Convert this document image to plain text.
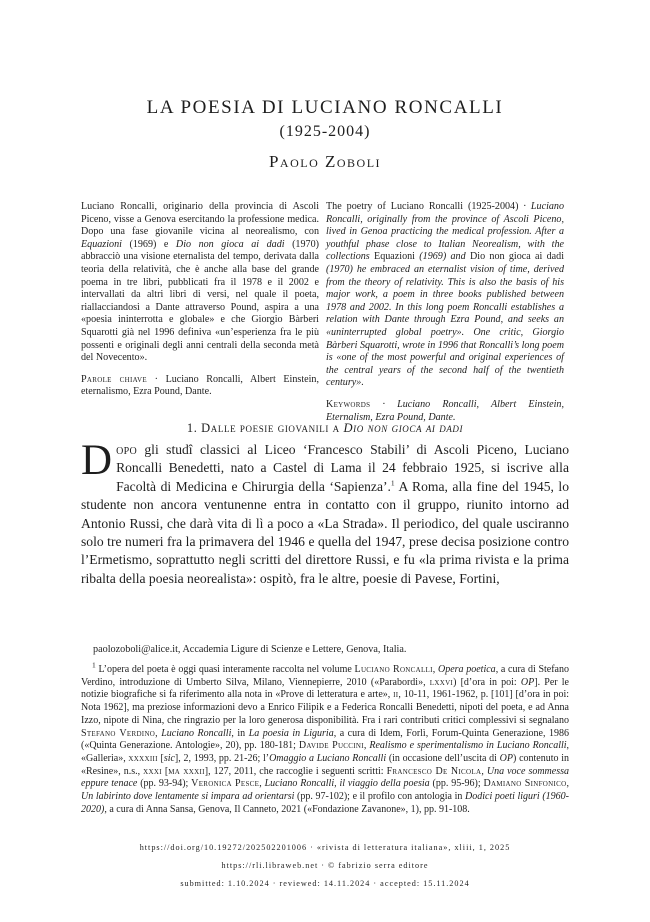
LA POESIA DI LUCIANO RONCALLI
(1925-2004)
Paolo Zoboli

Luciano Roncalli, originario della provincia di Ascoli Piceno, visse a Genova esercitando la professione medica. Dopo una fase giovanile vicina al neorealismo, con Equazioni (1969) e Dio non gioca ai dadi (1970) abbracciò una visione eternalista del tempo, derivata dalla teoria della relatività, che è anche alla base del grande poema in tre libri, pubblicati fra il 1978 e il 2002 e intervallati da altri libri di versi, nel quale il poeta, riallacciandosi a Dante attraverso Pound, aspira a una «poesia ininterrotta e globale» e che Giorgio Bàrberi Squarotti già nel 1996 definiva «un’esperienza fra le più possenti e originali degli anni centrali della seconda metà del Novecento».

Parole chiave · Luciano Roncalli, Albert Einstein, eternalismo, Ezra Pound, Dante.

The poetry of Luciano Roncalli (1925-2004) · Luciano Roncalli, originally from the province of Ascoli Piceno, lived in Genoa practicing the medical profession. After a youthful phase close to Italian Neorealism, with the collections Equazioni (1969) and Dio non gioca ai dadi (1970) he embraced an eternalist vision of time, derived from the theory of relativity. This is also the basis of his major work, a poem in three books published between 1978 and 2002. In this long poem Roncalli establishes a relation with Dante through Ezra Pound, and seeks an «uninterrupted global poetry». One critic, Giorgio Bàrberi Squarotti, wrote in 1996 that Roncalli’s long poem is «one of the most powerful and original experiences of the central years of the second half of the twentieth century».

Keywords · Luciano Roncalli, Albert Einstein, Eternalism, Ezra Pound, Dante.

1. Dalle poesie giovanili a Dio non gioca ai dadi
Dopo gli studî classici al Liceo ‘Francesco Stabili’ di Ascoli Piceno, Luciano Roncalli Benedetti, nato a Castel di Lama il 24 febbraio 1925, si iscrive alla Facoltà di Medicina e Chirurgia della ‘Sapienza’.$^1$ A Roma, alla fine del 1945, lo studente non ancora ventunenne entra in contatto con il gruppo, riunito intorno ad Antonio Russi, che darà vita di lì a poco a «La Strada». Il periodico, del quale usciranno solo tre numeri fra la primavera del 1946 e quella del 1947, prese decisa posizione contro l’Ermetismo, soprattutto negli scritti del direttore Russi, e fu «la prima rivista e la prima ribalta della poesia neorealista»: ospitò, fra le altre, poesie di Pavese, Fortini,
paolozoboli@alice.it, Accademia Ligure di Scienze e Lettere, Genova, Italia.
$^1$ L’opera del poeta è oggi quasi interamente raccolta nel volume Luciano Roncalli, Opera poetica, a cura di Stefano Verdino, introduzione di Umberto Silva, Milano, Viennepierre, 2010 («Parabordi», lxxvi) [d’ora in poi: OP]. Per le notizie biografiche si fa riferimento alla nota in «Prove di letteratura e arte», ii, 10-11, 1961-1962, p. [101] [d’ora in poi: Nota 1962], ma preziose informazioni devo a Enrico Filipik e a Federica Roncalli Benedetti, nipoti del poeta, e ad Anna Izzo, nipote di Nina, che ringrazio per la loro generosa disponibilità. Fra i rari contributi critici complessivi si segnalano Stefano Verdino, Luciano Roncalli, in La poesia in Liguria, a cura di Idem, Forlì, Forum-Quinta Generazione, 1986 («Quinta Generazione. Antologie», 20), pp. 180-181; Davide Puccini, Realismo e sperimentalismo in Luciano Roncalli, «Galleria», xxxxiii [sic], 2, 1993, pp. 21-26; l’Omaggio a Luciano Roncalli (in occasione dell’uscita di OP) contenuto in «Resine», n.s., xxxi [ma xxxii], 127, 2011, che raccoglie i seguenti scritti: Francesco De Nicola, Una voce sommessa eppure tenace (pp. 93-94); Veronica Pesce, Luciano Roncalli, il viaggio della poesia (pp. 95-96); Damiano Sinfonico, Un labirinto dove lentamente si impara ad orientarsi (pp. 97-102); e il profilo con antologia in Dodici poeti liguri (1960-2020), a cura di Anna Sansa, Genova, Il Canneto, 2021 («Fondazione Zavanone», 1), pp. 91-108.
https://doi.org/10.19272/202502201006 · «rivista di letteratura italiana», xliii, 1, 2025
https://rli.libraweb.net · © fabrizio serra editore
submitted: 1.10.2024 · reviewed: 14.11.2024 · accepted: 15.11.2024
